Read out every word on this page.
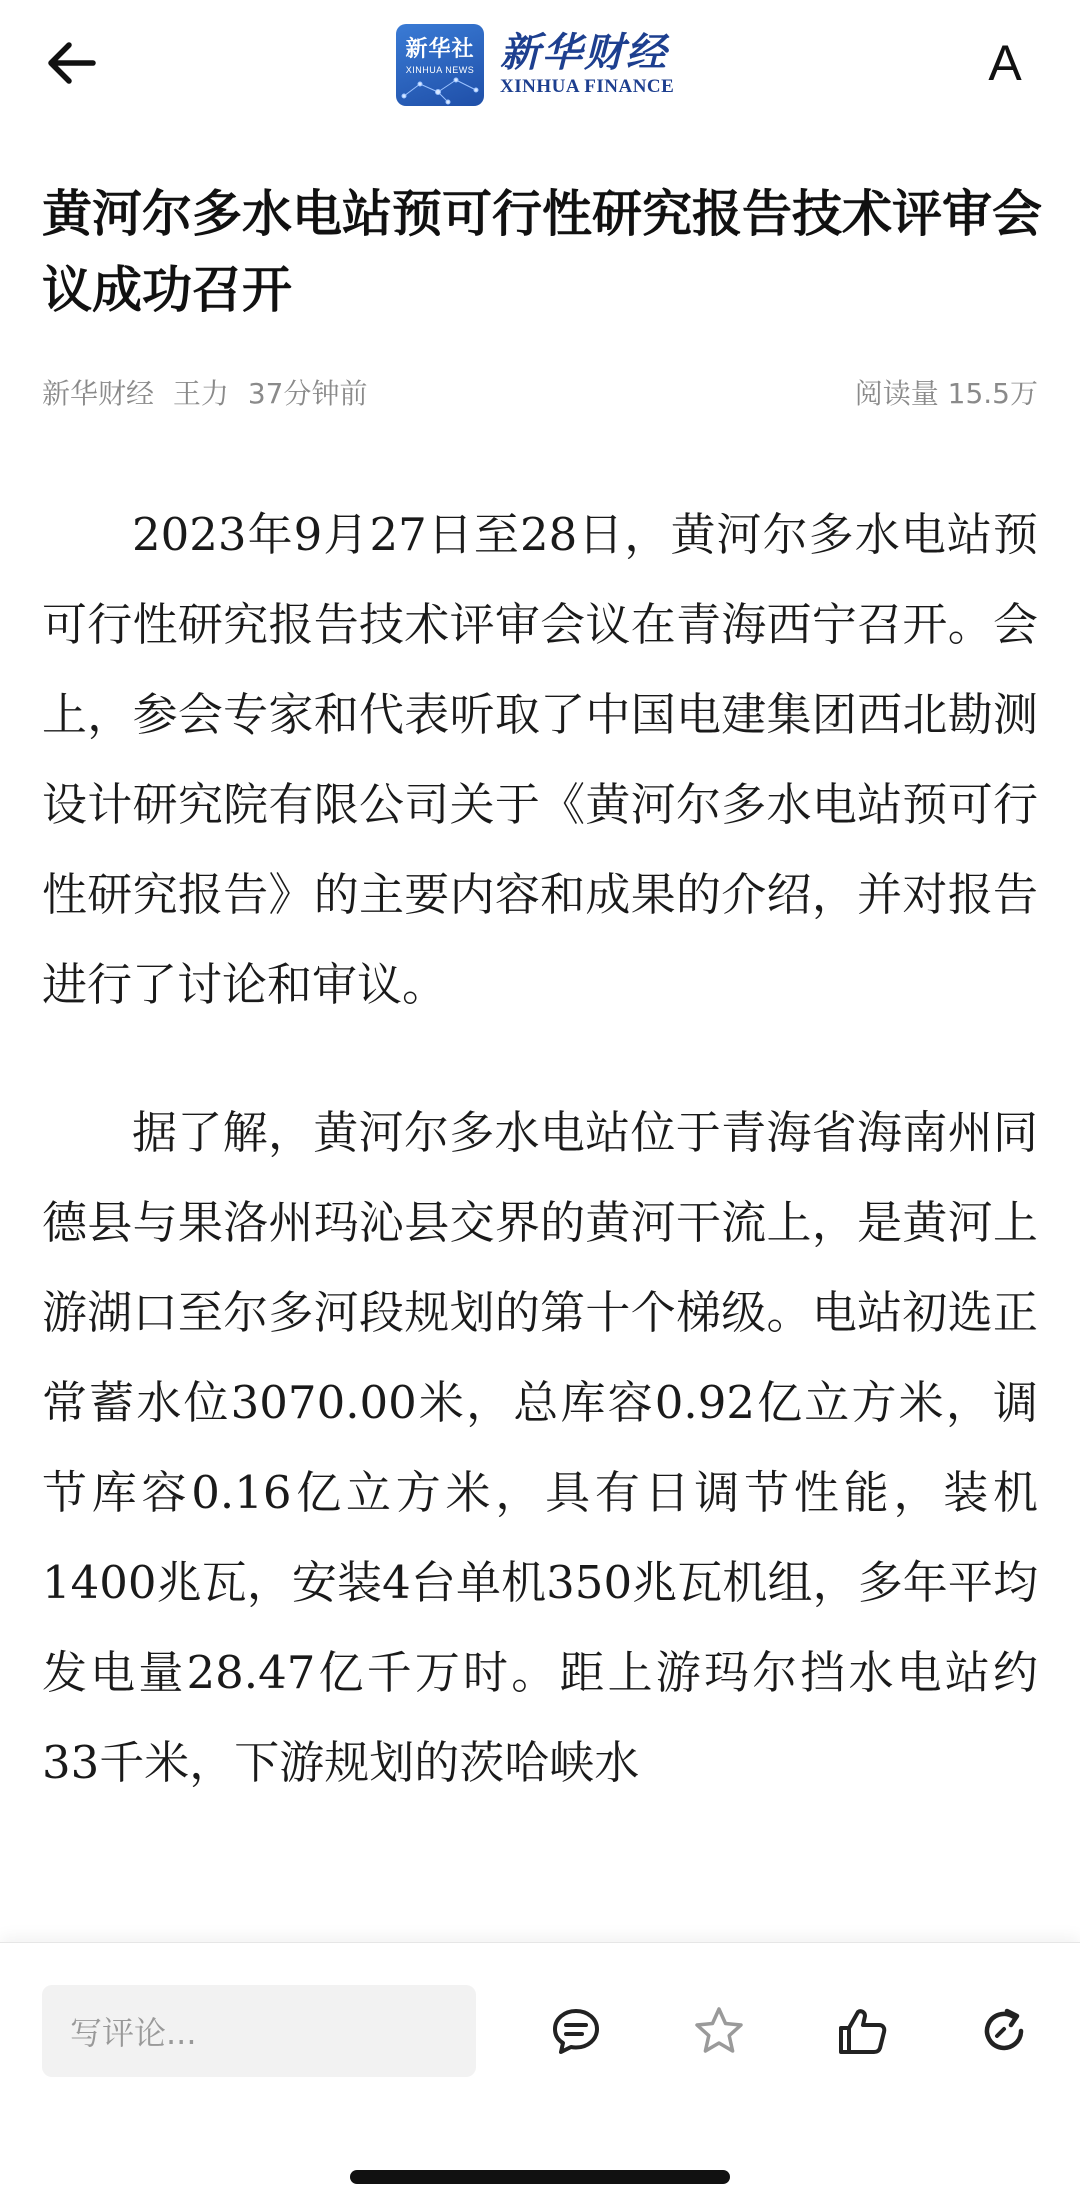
新华社
XINHUA NEWS 新华财经
XINHUA FINANCE	A
黄河尔多水电站预可行性研究报告技术评审会议成功召开
新华财经 王力 37分钟前	阅读量 15.5万

2023年9月27日至28日，黄河尔多水电站预可行性研究报告技术评审会议在青海西宁召开。会上，参会专家和代表听取了中国电建集团西北勘测设计研究院有限公司关于《黄河尔多水电站预可行性研究报告》的主要内容和成果的介绍，并对报告进行了讨论和审议。

据了解，黄河尔多水电站位于青海省海南州同德县与果洛州玛沁县交界的黄河干流上，是黄河上游湖口至尔多河段规划的第十个梯级。电站初选正常蓄水位3070.00米，总库容0.92亿立方米，调节库容0.16亿立方米，具有日调节性能，装机1400兆瓦，安装4台单机350兆瓦机组，多年平均发电量28.47亿千万时。距上游玛尔挡水电站约33千米，下游规划的茨哈峡水

写评论...
